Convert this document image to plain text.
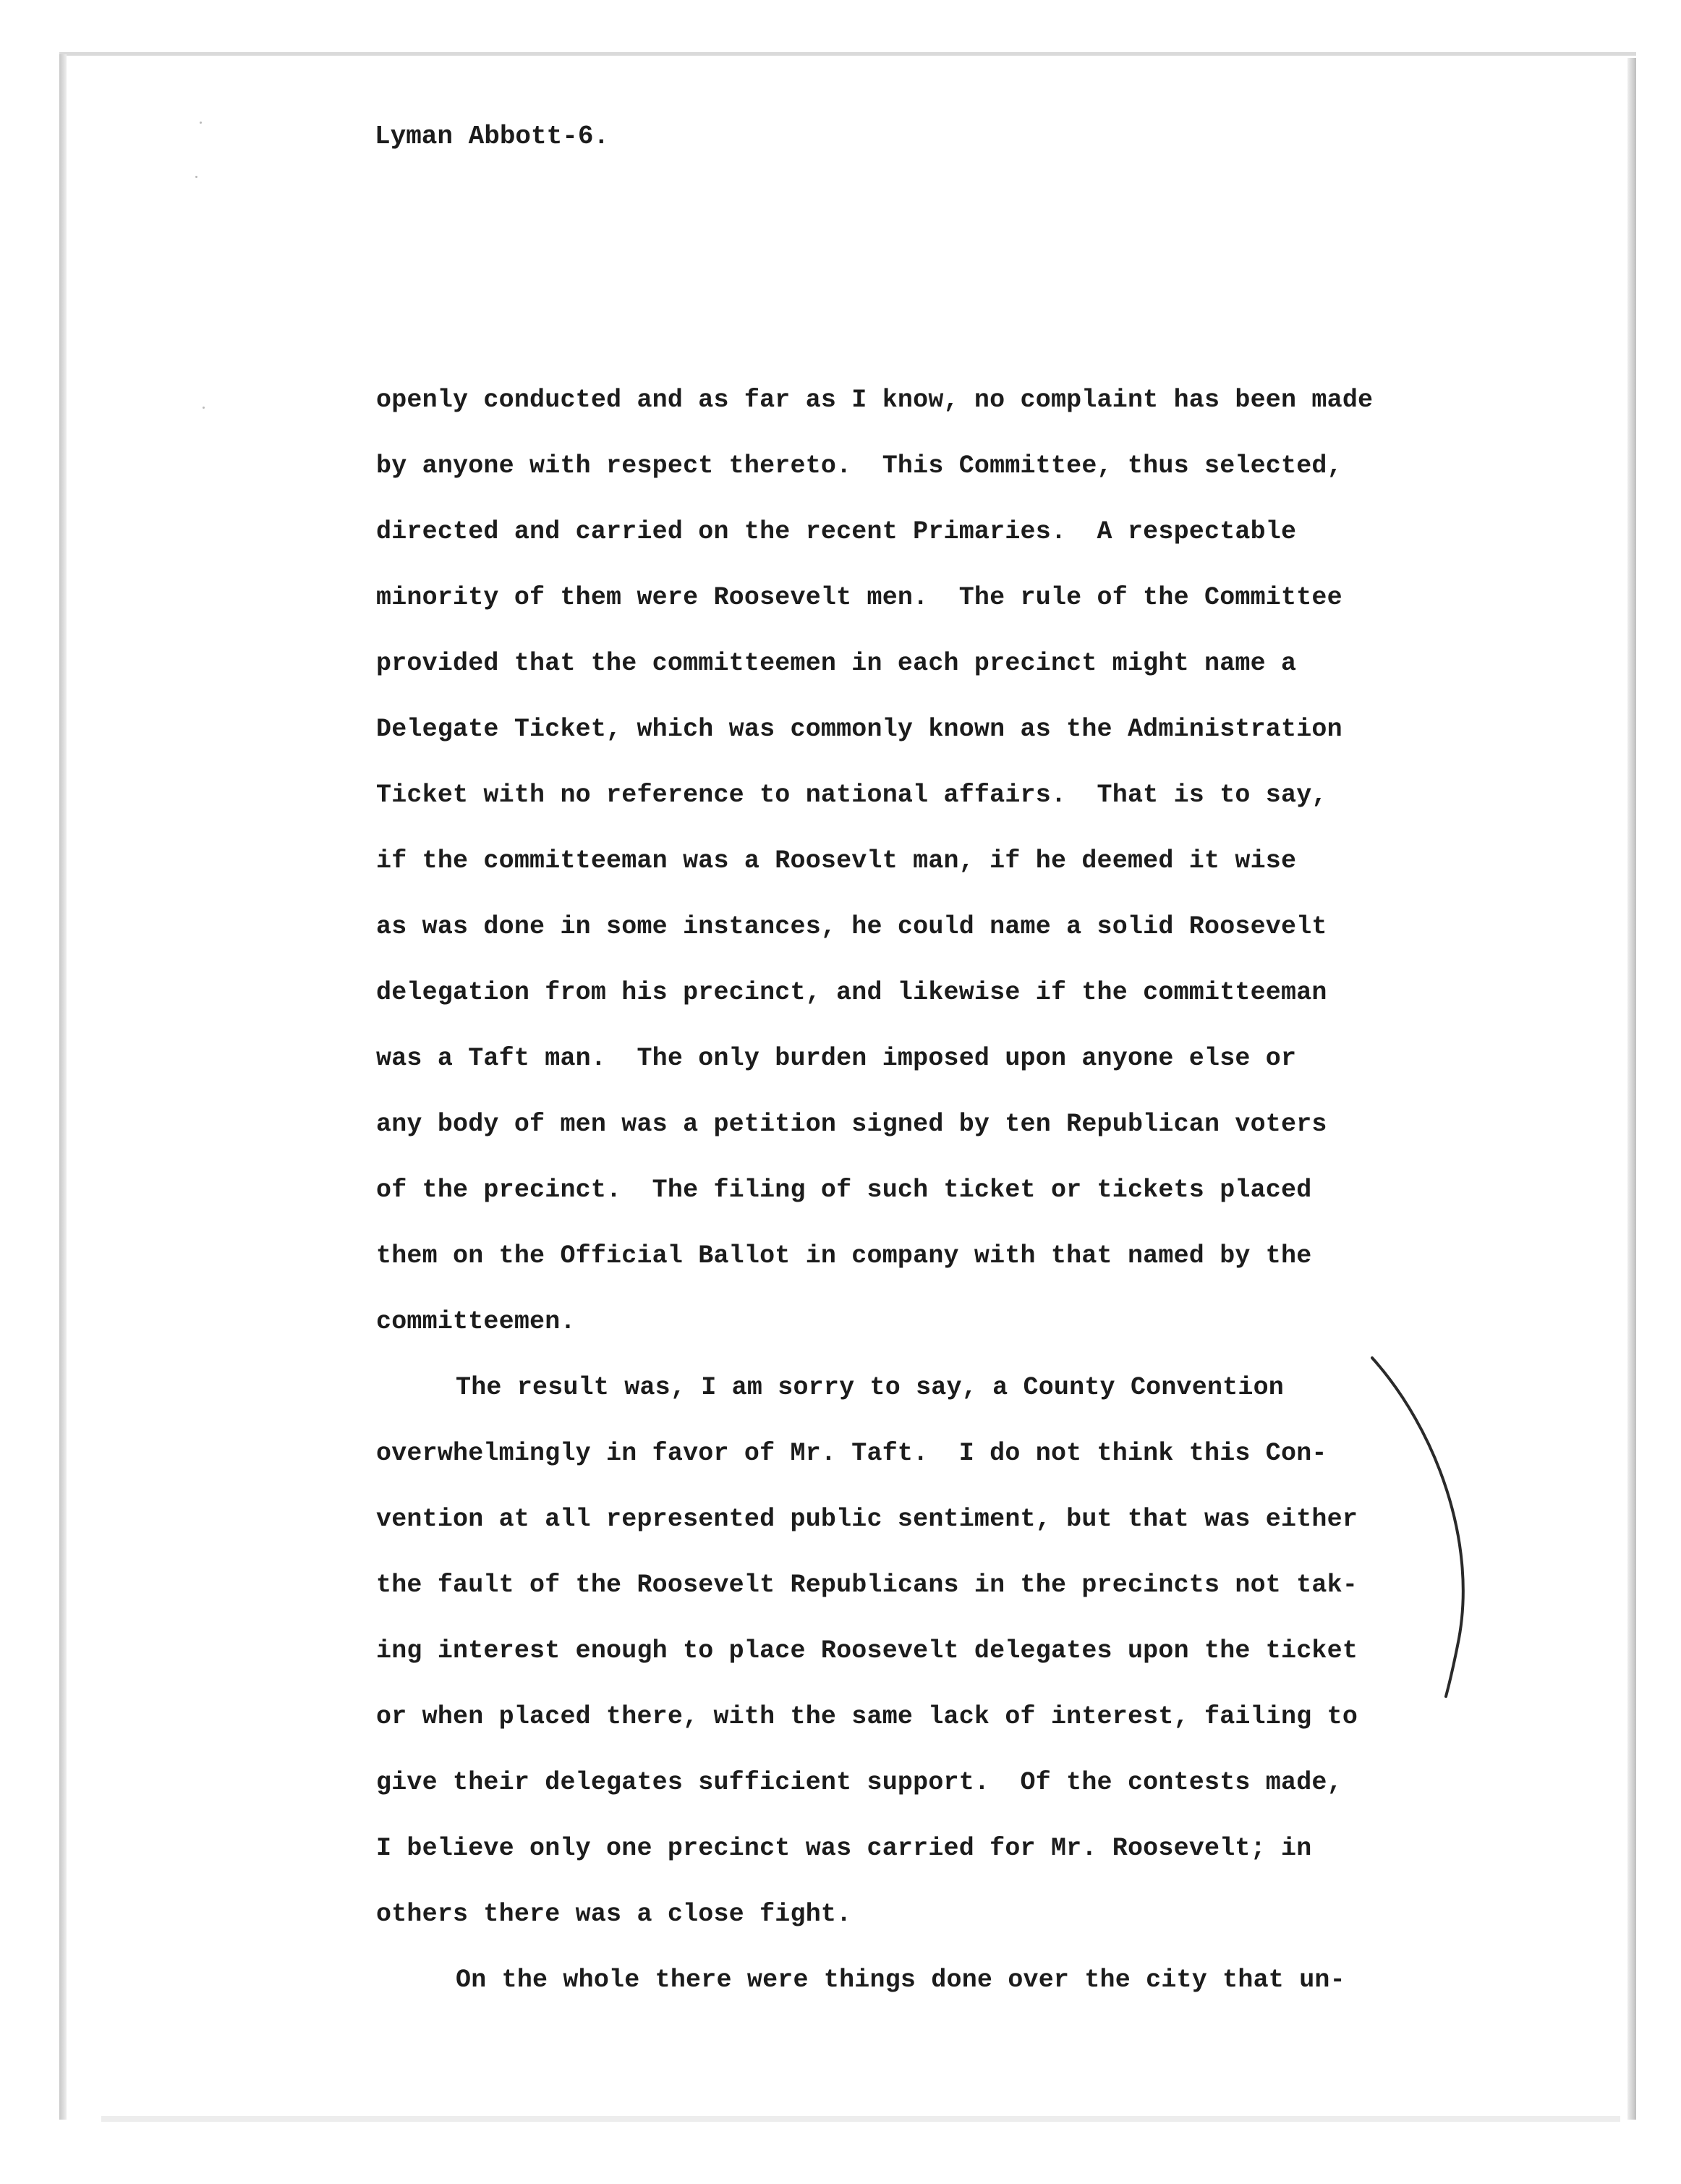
Lyman Abbott-6.
openly conducted and as far as I know, no complaint has been made
by anyone with respect thereto.  This Committee, thus selected,
directed and carried on the recent Primaries.  A respectable
minority of them were Roosevelt men.  The rule of the Committee
provided that the committeemen in each precinct might name a
Delegate Ticket, which was commonly known as the Administration
Ticket with no reference to national affairs.  That is to say,
if the committeeman was a Roosevlt man, if he deemed it wise
as was done in some instances, he could name a solid Roosevelt
delegation from his precinct, and likewise if the committeeman
was a Taft man.  The only burden imposed upon anyone else or
any body of men was a petition signed by ten Republican voters
of the precinct.  The filing of such ticket or tickets placed
them on the Official Ballot in company with that named by the
committeemen.
The result was, I am sorry to say, a County Convention
overwhelmingly in favor of Mr. Taft.  I do not think this Con-
vention at all represented public sentiment, but that was either
the fault of the Roosevelt Republicans in the precincts not tak-
ing interest enough to place Roosevelt delegates upon the ticket
or when placed there, with the same lack of interest, failing to
give their delegates sufficient support.  Of the contests made,
I believe only one precinct was carried for Mr. Roosevelt; in
others there was a close fight.
On the whole there were things done over the city that un-
